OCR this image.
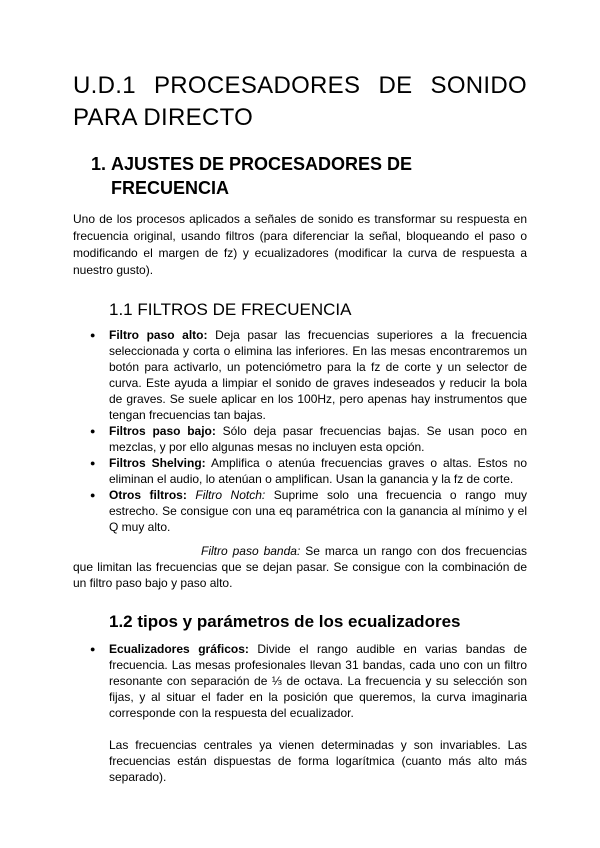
U.D.1 PROCESADORES DE SONIDO
PARA DIRECTO
1. AJUSTES DE PROCESADORES DE FRECUENCIA

Uno de los procesos aplicados a señales de sonido es transformar su respuesta en frecuencia original, usando filtros (para diferenciar la señal, bloqueando el paso o modificando el margen de fz) y ecualizadores (modificar la curva de respuesta a nuestro gusto).

1.1 FILTROS DE FRECUENCIA
● Filtro paso alto: Deja pasar las frecuencias superiores a la frecuencia seleccionada y corta o elimina las inferiores. En las mesas encontraremos un botón para activarlo, un potenciómetro para la fz de corte y un selector de curva. Este ayuda a limpiar el sonido de graves indeseados y reducir la bola de graves. Se suele aplicar en los 100Hz, pero apenas hay instrumentos que tengan frecuencias tan bajas.
● Filtros paso bajo: Sólo deja pasar frecuencias bajas. Se usan poco en mezclas, y por ello algunas mesas no incluyen esta opción.
● Filtros Shelving: Amplifica o atenúa frecuencias graves o altas. Estos no eliminan el audio, lo atenúan o amplifican. Usan la ganancia y la fz de corte.
● Otros filtros: Filtro Notch: Suprime solo una frecuencia o rango muy estrecho. Se consigue con una eq paramétrica con la ganancia al mínimo y el Q muy alto.

Filtro paso banda: Se marca un rango con dos frecuencias que limitan las frecuencias que se dejan pasar. Se consigue con la combinación de un filtro paso bajo y paso alto.

1.2 tipos y parámetros de los ecualizadores
● Ecualizadores gráficos: Divide el rango audible en varias bandas de frecuencia. Las mesas profesionales llevan 31 bandas, cada uno con un filtro resonante con separación de ⅓ de octava. La frecuencia y su selección son fijas, y al situar el fader en la posición que queremos, la curva imaginaria corresponde con la respuesta del ecualizador.

Las frecuencias centrales ya vienen determinadas y son invariables. Las frecuencias están dispuestas de forma logarítmica (cuanto más alto más separado).
